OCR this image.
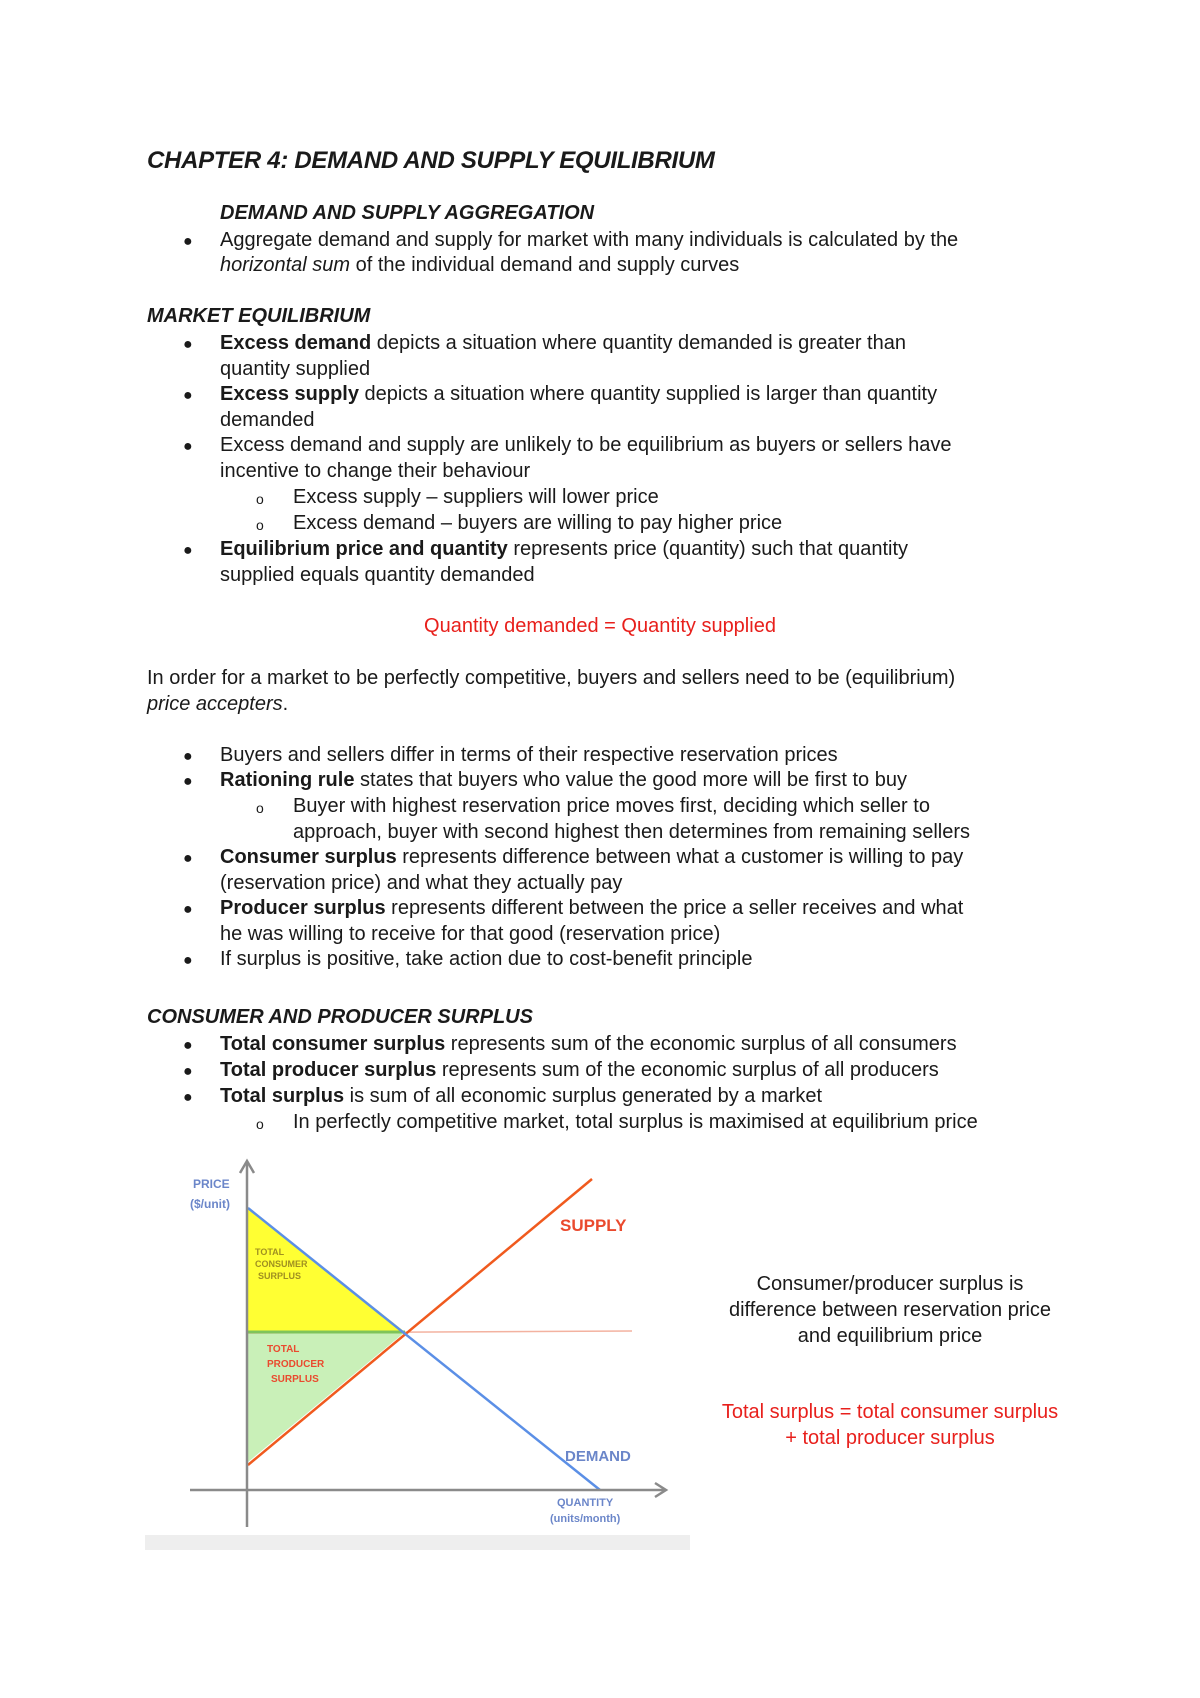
CHAPTER 4: DEMAND AND SUPPLY EQUILIBRIUM
DEMAND AND SUPPLY AGGREGATION
● Aggregate demand and supply for market with many individuals is calculated by the
horizontal sum of the individual demand and supply curves
MARKET EQUILIBRIUM
● Excess demand depicts a situation where quantity demanded is greater than
quantity supplied
● Excess supply depicts a situation where quantity supplied is larger than quantity
demanded
● Excess demand and supply are unlikely to be equilibrium as buyers or sellers have
incentive to change their behaviour
o Excess supply – suppliers will lower price
o Excess demand – buyers are willing to pay higher price
● Equilibrium price and quantity represents price (quantity) such that quantity
supplied equals quantity demanded
Quantity demanded = Quantity supplied
In order for a market to be perfectly competitive, buyers and sellers need to be (equilibrium)
price accepters.
● Buyers and sellers differ in terms of their respective reservation prices
● Rationing rule states that buyers who value the good more will be first to buy
o Buyer with highest reservation price moves first, deciding which seller to
approach, buyer with second highest then determines from remaining sellers
● Consumer surplus represents difference between what a customer is willing to pay
(reservation price) and what they actually pay
● Producer surplus represents different between the price a seller receives and what
he was willing to receive for that good (reservation price)
● If surplus is positive, take action due to cost-benefit principle
CONSUMER AND PRODUCER SURPLUS
● Total consumer surplus represents sum of the economic surplus of all consumers
● Total producer surplus represents sum of the economic surplus of all producers
● Total surplus is sum of all economic surplus generated by a market
o In perfectly competitive market, total surplus is maximised at equilibrium price
PRICE
($/unit)
QUANTITY
(units/month)
SUPPLY
DEMAND
TOTAL
CONSUMER
SURPLUS
TOTAL
PRODUCER
SURPLUS
Consumer/producer surplus is
difference between reservation price
and equilibrium price
Total surplus = total consumer surplus
+ total producer surplus
